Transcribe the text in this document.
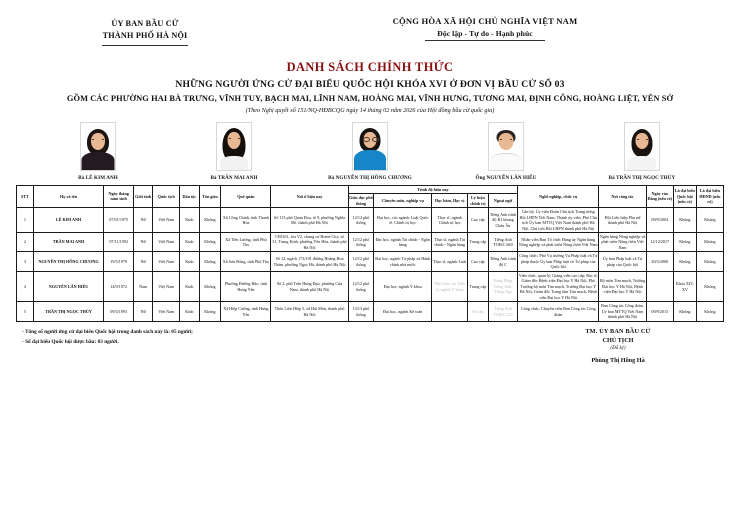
ỦY BAN BẦU CỬ
THÀNH PHỐ HÀ NỘI
CỘNG HÒA XÃ HỘI CHỦ NGHĨA VIỆT NAM
Độc lập - Tự do - Hạnh phúc
DANH SÁCH CHÍNH THỨC
NHỮNG NGƯỜI ỨNG CỬ ĐẠI BIỂU QUỐC HỘI KHÓA XVI Ở ĐƠN VỊ BẦU CỬ SỐ 03
GỒM CÁC PHƯỜNG HAI BÀ TRƯNG, VĨNH TUY, BẠCH MAI, LĨNH NAM, HOÀNG MAI, VĨNH HƯNG, TƯƠNG MAI, ĐỊNH CÔNG, HOÀNG LIỆT, YÊN SỞ
(Theo Nghị quyết số 151/NQ-HĐBCQG ngày 14 tháng 02 năm 2026 của Hội đồng bầu cử quốc gia)
Bà LÊ KIM ANH	Bà TRẦN MAI ANH	Bà NGUYỄN THỊ HỒNG CHƯƠNG	Ông NGUYỄN LÂN HIẾU	Bà TRẦN THỊ NGỌC THÚY
STT	Họ và tên	Ngày tháng năm sinh	Giới tính	Quốc tịch	Dân tộc	Tôn giáo	Quê quán	Nơi ở hiện nay	Trình độ hiện nay					Nghề nghiệp, chức vụ	Nơi công tác	Ngày vào Đảng (nếu có)	Là đại biểu Quốc hội (nếu có)	Là đại biểu HĐND (nếu có)
									Giáo dục phổ thông	Chuyên môn, nghiệp vụ	Học hàm, Học vị	Lý luận chính trị	Ngoại ngữ					
1	LÊ KIM ANH	07/01/1975	Nữ	Việt Nam	Kinh	Không	Xã Công Chính, tỉnh Thanh Hóa	Số 113 phố Quan Hoa, tổ 9, phường Nghĩa Đô, thành phố Hà Nội	12/12 phổ thông	Đại học, các ngành: Luật Quốc tế, Chính trị học	Thạc sĩ, ngành Chính trị học	Cao cấp	Tiếng Anh trình độ B1 khung Châu Âu	Cán bộ, Ủy viên Đoàn Chủ tịch Trung ương Hội LHPN Việt Nam; Thành ủy viên, Phó Chủ tịch Ủy ban MTTQ Việt Nam thành phố Hà Nội, Chủ tịch Hội LHPN thành phố Hà Nội	Hội Liên hiệp Phụ nữ thành phố Hà Nội	08/9/2004	Không	Không
2	TRẦN MAI ANH	07/11/1992	Nữ	Việt Nam	Kinh	Không	Xã Tiên Lương, tỉnh Phú Thọ	CH1611, tòa V2, chung cư Home City, số 31, Trung Kính, phường Yên Hòa, thành phố Hà Nội	12/12 phổ thông	Đại học, ngành Tài chính - Ngân hàng	Thạc sĩ, ngành Tài chính - Ngân hàng	Trung cấp	Tiếng Anh TOEIC 660	Nhân viên Ban Tổ chức Đảng ủy Ngân hàng Nông nghiệp và phát triển Nông thôn Việt Nam	Ngân hàng Nông nghiệp và phát triển Nông thôn Việt Nam	12/12/2017	Không	Không
3	NGUYỄN THỊ HỒNG CHƯƠNG	19/5/1979	Nữ	Việt Nam	Kinh	Không	Xã Sơn Đông, tỉnh Phú Thọ	Số 12, ngách 173/191 đường Hoàng Hoa Thám, phường Ngọc Hà, thành phố Hà Nội	12/12 phổ thông	Đại học, ngành Tư pháp và Hành chính nhà nước	Thạc sĩ, ngành Luật	Cao cấp	Tiếng Anh trình độ C	Công chức; Phó Vụ trưởng Vụ Pháp luật và Tư pháp thuộc Ủy ban Pháp luật và Tư pháp của Quốc hội	Ủy ban Pháp luật và Tư pháp của Quốc hội	20/3/2006	Không	Không
4	NGUYỄN LÂN HIẾU	14/9/1972	Nam	Việt Nam	Kinh	Không	Phường Đường Hào, tỉnh Hưng Yên	Số 2, phố Trần Hưng Đạo, phường Cửa Nam, thành phố Hà Nội	12/12 phổ thông	Đại học, ngành Y khoa	Phó Giáo sư; Tiến sĩ, ngành Y khoa	Trung cấp	Tiếng Pháp, Tiếng Anh, Tiếng Nga	Viên chức, quản lý; Giảng viên cao cấp; Bác sĩ; Giám đốc Bệnh viện Đại học Y Hà Nội, Phó Trưởng bộ môn Tim mạch, Trưởng Đại học Y Hà Nội; Giám đốc Trung tâm Tim mạch, Bệnh viện Đại học Y Hà Nội	Bộ môn Tim mạch, Trường Đại học Y Hà Nội; Bệnh viện Đại học Y Hà Nội		Khóa XIV, XV	Không
5	TRẦN THỊ NGỌC THÚY	09/3/1993	Nữ	Việt Nam	Kinh	Không	Xã Hiệp Cường, tỉnh Hưng Yên	Thôn Liên Hiệp 5, xã Hát Môn, thành phố Hà Nội	13/13 phổ thông	Đại học, ngành Kế toán		Sơ cấp	Tiếng Anh TOEIC 225	Công chức; Chuyên viên Ban Công tác Công đoàn	Ban Công tác Công đoàn, Ủy ban MTTQ Việt Nam thành phố Hà Nội	09/9/2015	Không	Không
- Tổng số người ứng cử đại biểu Quốc hội trong danh sách này là: 05 người;
- Số đại biểu Quốc hội được bầu: 03 người.
TM. ỦY BAN BẦU CỬ
CHỦ TỊCH
(Đã ký)
Phùng Thị Hồng Hà
